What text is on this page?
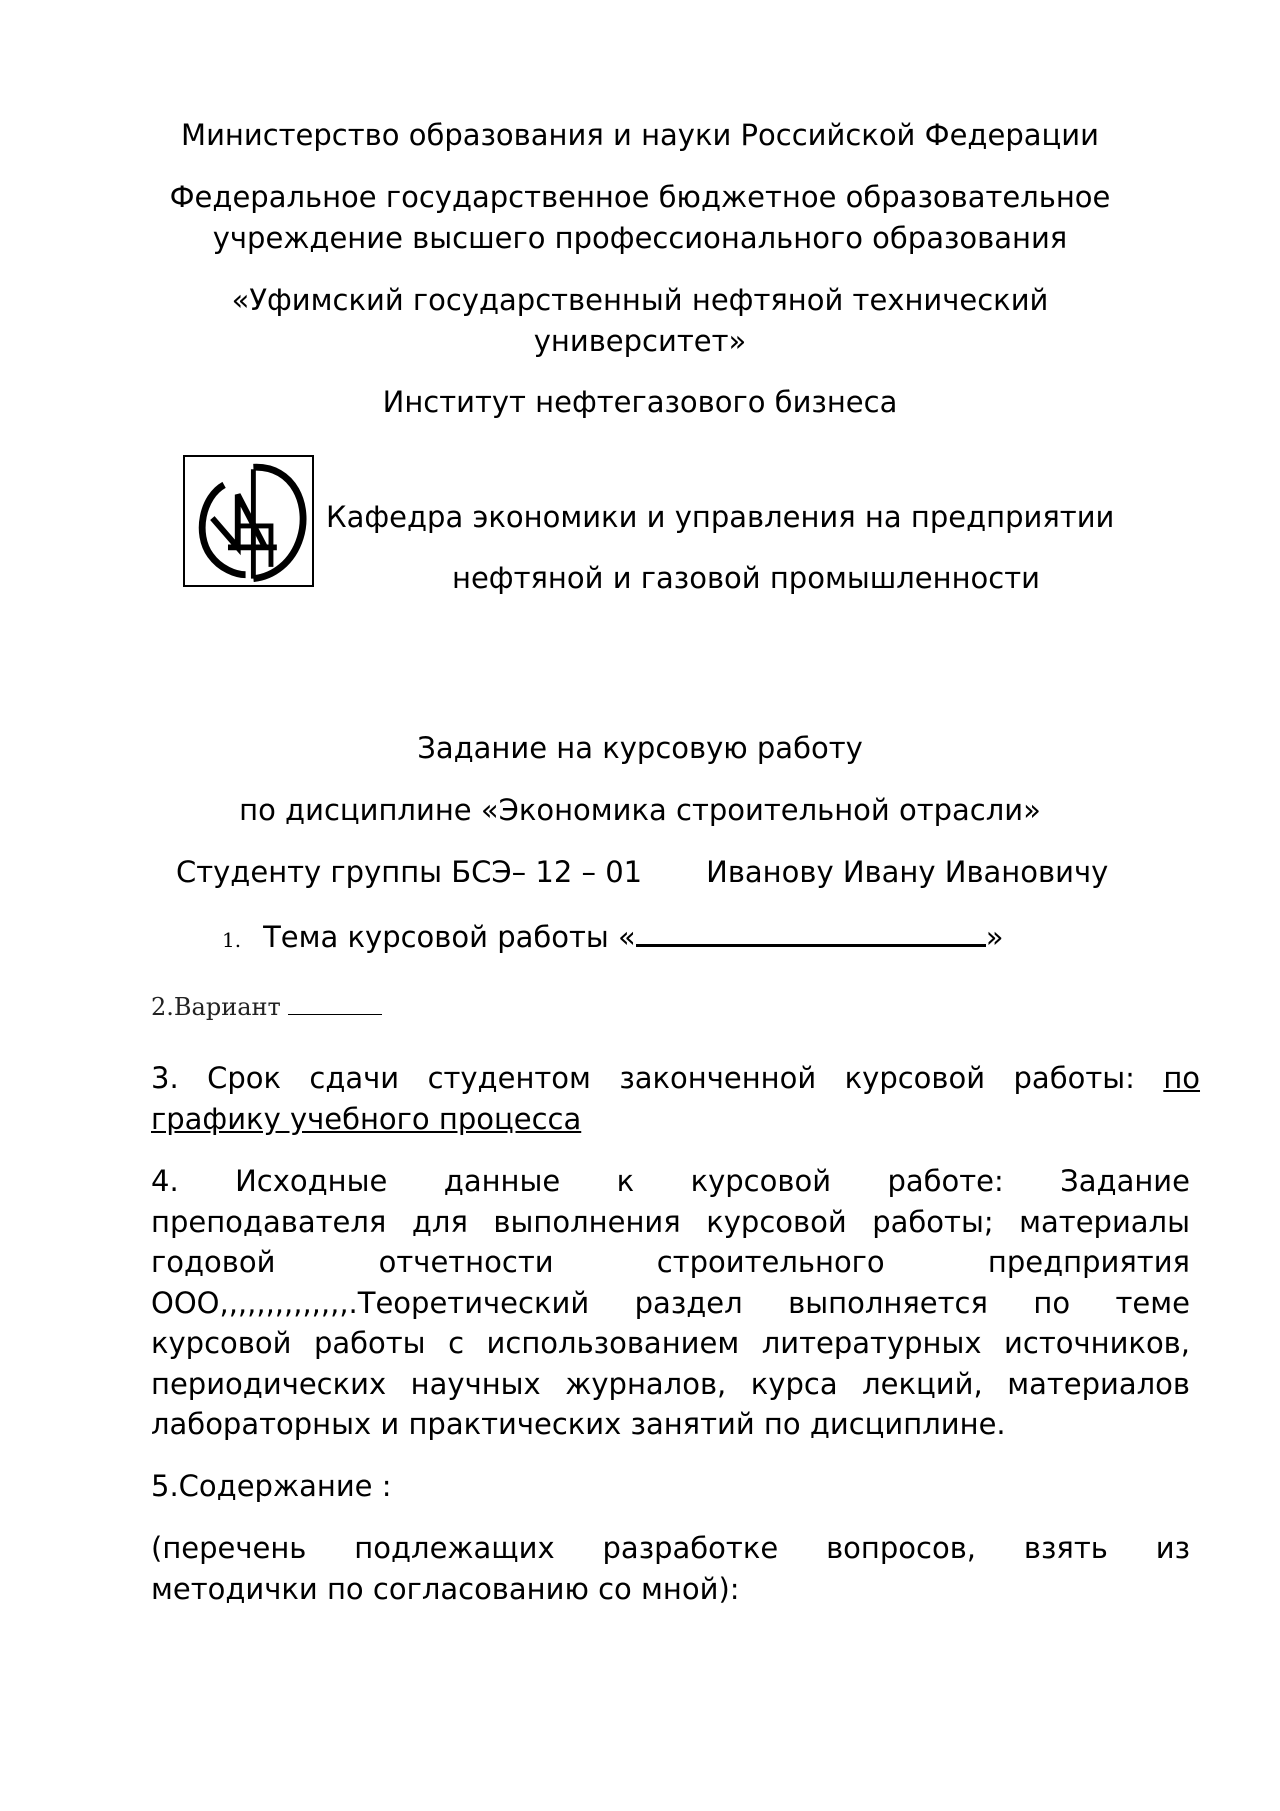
Министерство образования и науки Российской Федерации
Федеральное государственное бюджетное образовательное
учреждение высшего профессионального образования
«Уфимский государственный нефтяной технический
университет»
Институт нефтегазового бизнеса
Кафедра экономики и управления на предприятии
нефтяной и газовой промышленности
Задание на курсовую работу
по дисциплине «Экономика строительной отрасли»
Студенту группы БСЭ– 12 – 01 Иванову Ивану Ивановичу
1. Тема курсовой работы «	»
2.Вариант
3. Срок сдачи студентом законченной курсовой работы: по
графику учебного процесса
4. Исходные данные к курсовой работе: Задание
преподавателя для выполнения курсовой работы; материалы
годовой отчетности строительного предприятия
ООО,,,,,,,,,,,,,,.Теоретический раздел выполняется по теме
курсовой работы с использованием литературных источников,
периодических научных журналов, курса лекций, материалов
лабораторных и практических занятий по дисциплине.
5.Содержание :
(перечень подлежащих разработке вопросов, взять из
методички по согласованию со мной):
